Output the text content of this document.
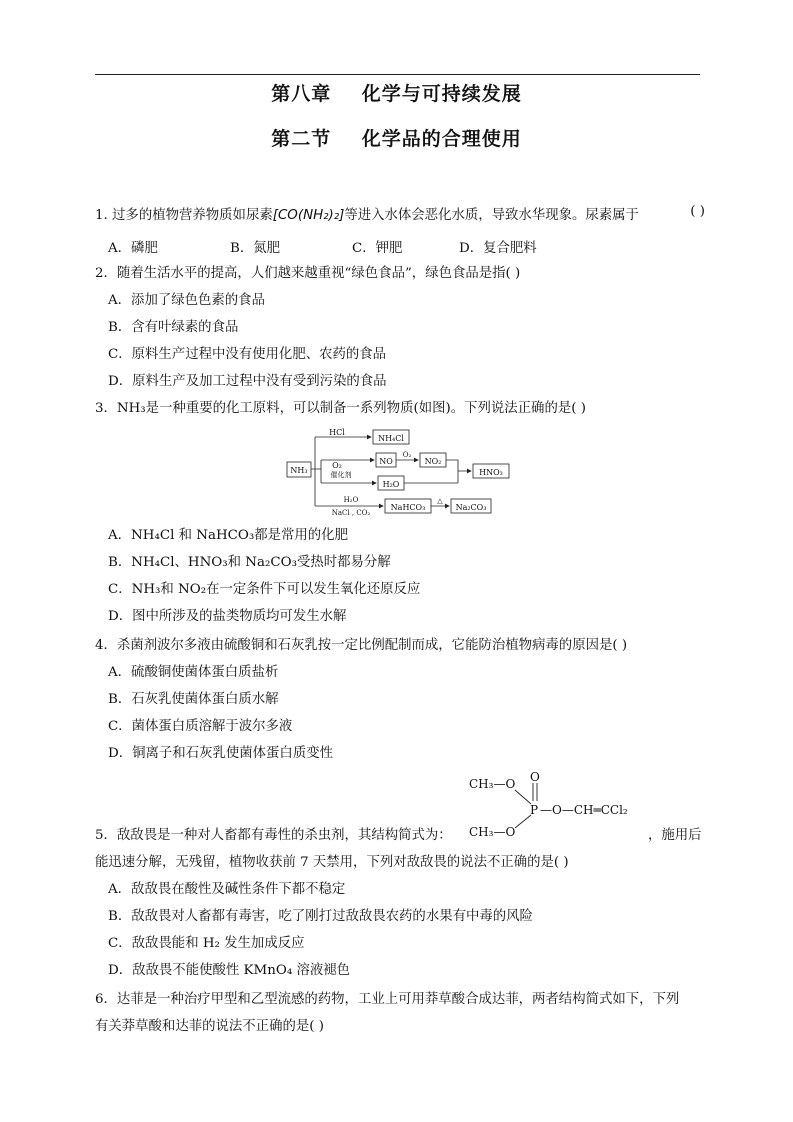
第八章    化学与可持续发展
第二节    化学品的合理使用
1. 过多的植物营养物质如尿素[CO(NH₂)₂]等进入水体会恶化水质，导致水华现象。尿素属于	( )
A．磷肥	B．氮肥	C．钾肥	D．复合肥料
2．随着生活水平的提高，人们越来越重视“绿色食品”，绿色食品是指( )
A．添加了绿色色素的食品
B．含有叶绿素的食品
C．原料生产过程中没有使用化肥、农药的食品
D．原料生产及加工过程中没有受到污染的食品
3．NH₃是一种重要的化工原料，可以制备一系列物质(如图)。下列说法正确的是( )
NH₃
HCl
NH₄Cl
O₂
催化剂
NO
O₂
NO₂
HNO₃
H₂O
H₂O
NaCl , CO₂
NaHCO₃
△
Na₂CO₃
A．NH₄Cl 和 NaHCO₃都是常用的化肥
B．NH₄Cl、HNO₃和 Na₂CO₃受热时都易分解
C．NH₃和 NO₂在一定条件下可以发生氧化还原反应
D．图中所涉及的盐类物质均可发生水解
4．杀菌剂波尔多液由硫酸铜和石灰乳按一定比例配制而成，它能防治植物病毒的原因是( )
A．硫酸铜使菌体蛋白质盐析
B．石灰乳使菌体蛋白质水解
C．菌体蛋白质溶解于波尔多液
D．铜离子和石灰乳使菌体蛋白质变性
CH₃—O O
P —O—CH═CCl₂
CH₃—O
5．敌敌畏是一种对人畜都有毒性的杀虫剂，其结构简式为：	，施用后
能迅速分解，无残留，植物收获前 7 天禁用，下列对敌敌畏的说法不正确的是( )
A．敌敌畏在酸性及碱性条件下都不稳定
B．敌敌畏对人畜都有毒害，吃了刚打过敌敌畏农药的水果有中毒的风险
C．敌敌畏能和 H₂ 发生加成反应
D．敌敌畏不能使酸性 KMnO₄ 溶液褪色
6．达菲是一种治疗甲型和乙型流感的药物，工业上可用莽草酸合成达菲，两者结构简式如下，下列
有关莽草酸和达菲的说法不正确的是( )
